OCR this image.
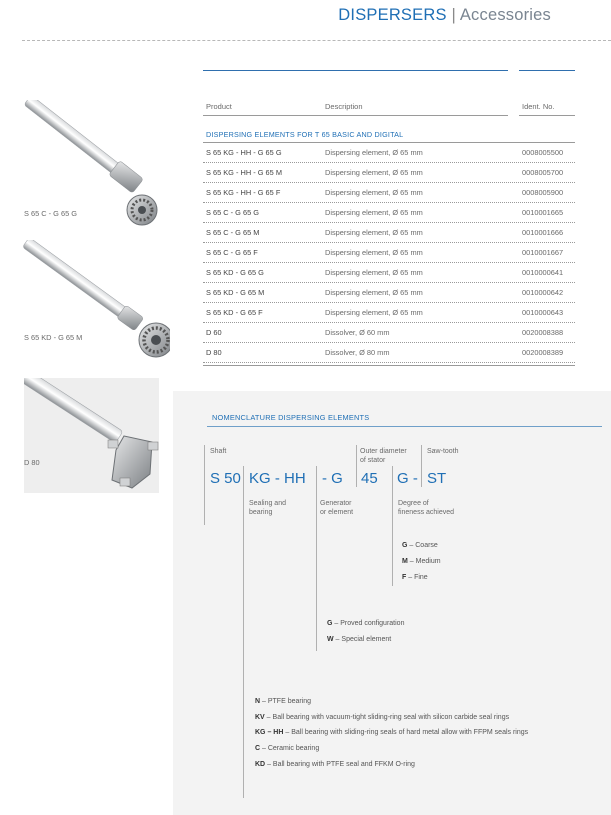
DISPERSERS | Accessories
Product	Description	Ident. No.
DISPERSING ELEMENTS FOR T 65 BASIC AND DIGITAL
S 65 KG - HH - G 65 G	Dispersing element, Ø 65 mm	0008005500
S 65 KG - HH - G 65 M	Dispersing element, Ø 65 mm	0008005700
S 65 KG - HH - G 65 F	Dispersing element, Ø 65 mm	0008005900
S 65 C - G 65 G	Dispersing element, Ø 65 mm	0010001665
S 65 C - G 65 M	Dispersing element, Ø 65 mm	0010001666
S 65 C - G 65 F	Dispersing element, Ø 65 mm	0010001667
S 65 KD - G 65 G	Dispersing element, Ø 65 mm	0010000641
S 65 KD - G 65 M	Dispersing element, Ø 65 mm	0010000642
S 65 KD - G 65 F	Dispersing element, Ø 65 mm	0010000643
D 60	Dissolver, Ø 60 mm	0020008388
D 80	Dissolver, Ø 80 mm	0020008389
S 65 C - G 65 G
S 65 KD - G 65 M
D 80
NOMENCLATURE DISPERSING ELEMENTS
Shaft	Outer diameter
of stator
Saw-tooth
S 50 KG - HH - G 45 G - ST
Sealing and
bearing
Generator
or element
Degree of
fineness achieved
G – Coarse
M – Medium
F – Fine
G – Proved configuration
W – Special element
N – PTFE bearing
KV – Ball bearing with vacuum-tight sliding-ring seal with silicon carbide seal rings
KG – HH – Ball bearing with sliding-ring seals of hard metal allow with FFPM seals rings
C – Ceramic bearing
KD – Ball bearing with PTFE seal and FFKM O-ring
